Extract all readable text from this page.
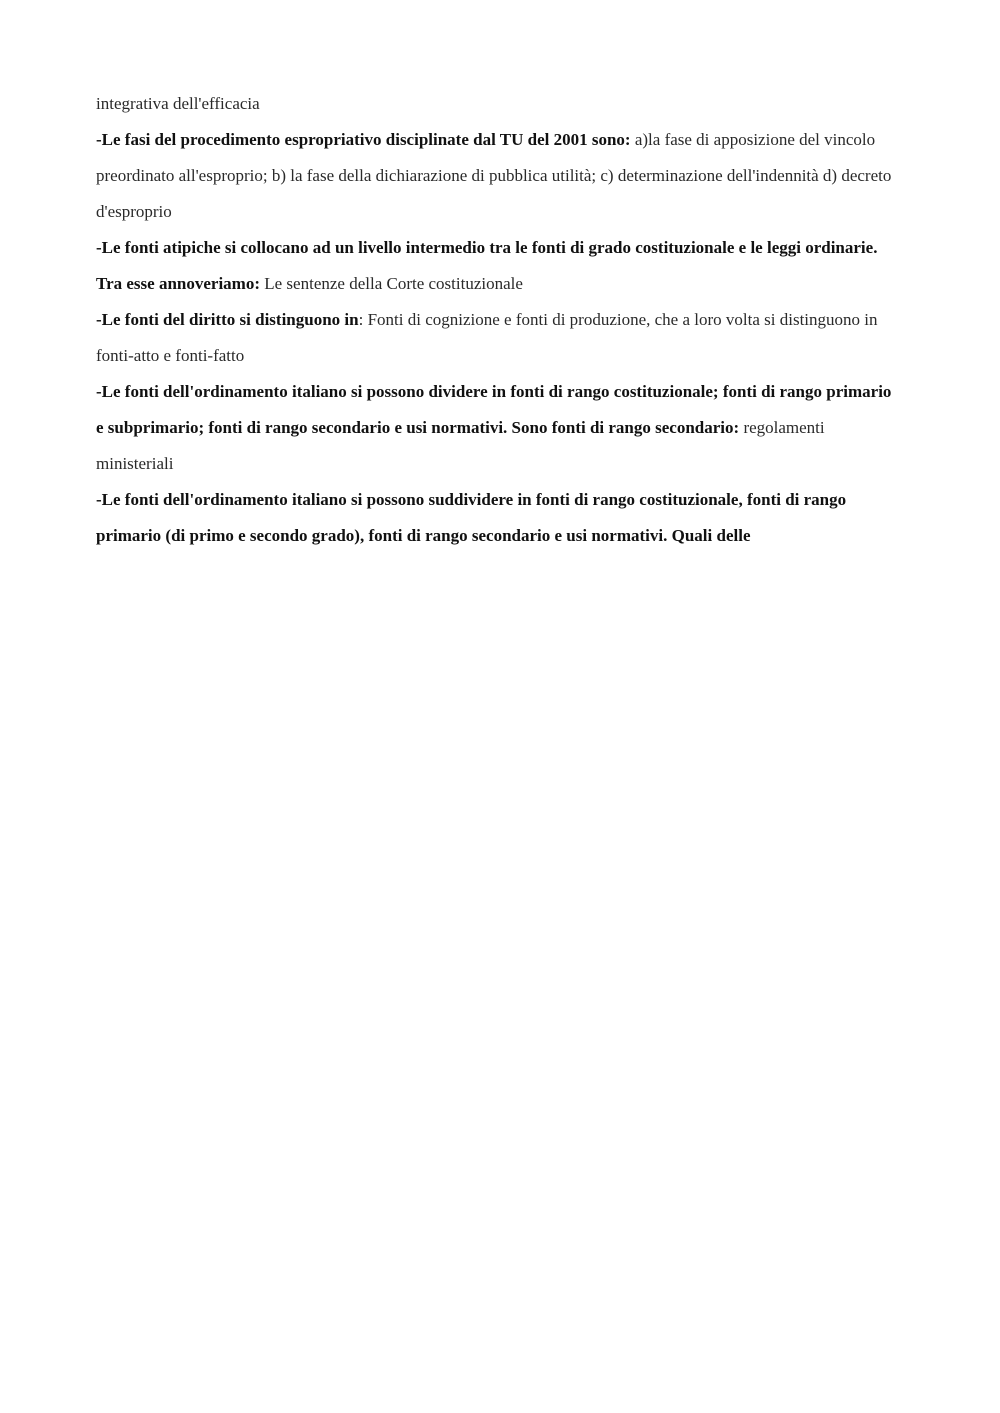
integrativa dell'efficacia

-Le fasi del procedimento espropriativo disciplinate dal TU del 2001 sono: a)la fase di apposizione del vincolo preordinato all'esproprio; b) la fase della dichiarazione di pubblica utilità; c) determinazione dell'indennità d) decreto d'esproprio

-Le fonti atipiche si collocano ad un livello intermedio tra le fonti di grado costituzionale e le leggi ordinarie. Tra esse annoveriamo: Le sentenze della Corte costituzionale

-Le fonti del diritto si distinguono in: Fonti di cognizione e fonti di produzione, che a loro volta si distinguono in fonti-atto e fonti-fatto

-Le fonti dell'ordinamento italiano si possono dividere in fonti di rango costituzionale; fonti di rango primario e subprimario; fonti di rango secondario e usi normativi. Sono fonti di rango secondario: regolamenti ministeriali

-Le fonti dell'ordinamento italiano si possono suddividere in fonti di rango costituzionale, fonti di rango primario (di primo e secondo grado), fonti di rango secondario e usi normativi. Quali delle
